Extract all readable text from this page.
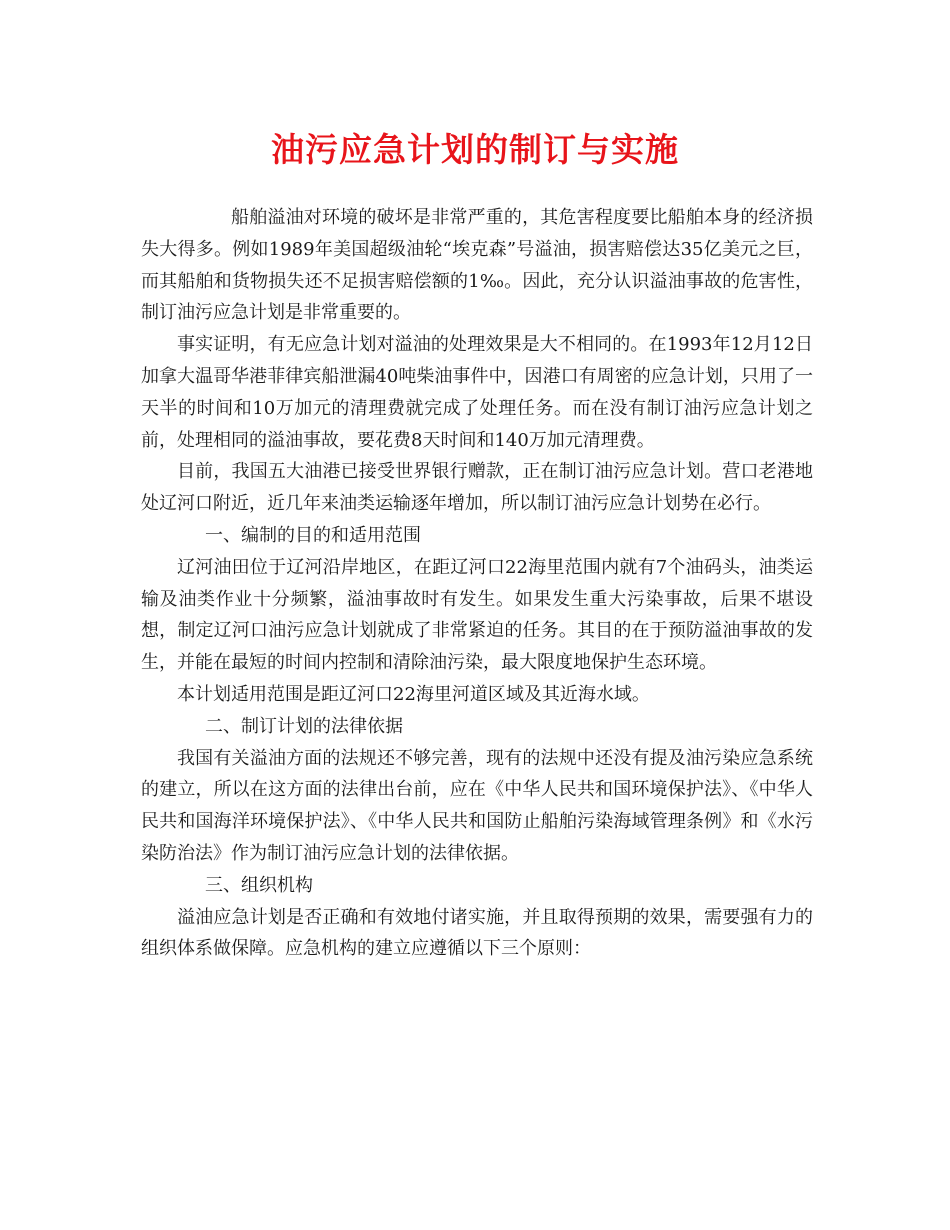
油污应急计划的制订与实施

船舶溢油对环境的破坏是非常严重的，其危害程度要比船舶本身的经济损失大得多。例如1989年美国超级油轮“埃克森”号溢油，损害赔偿达35亿美元之巨，而其船舶和货物损失还不足损害赔偿额的1‰。因此，充分认识溢油事故的危害性，制订油污应急计划是非常重要的。

事实证明，有无应急计划对溢油的处理效果是大不相同的。在1993年12月12日加拿大温哥华港菲律宾船泄漏40吨柴油事件中，因港口有周密的应急计划，只用了一天半的时间和10万加元的清理费就完成了处理任务。而在没有制订油污应急计划之前，处理相同的溢油事故，要花费8天时间和140万加元清理费。

目前，我国五大油港已接受世界银行赠款，正在制订油污应急计划。营口老港地处辽河口附近，近几年来油类运输逐年增加，所以制订油污应急计划势在必行。

一、编制的目的和适用范围

辽河油田位于辽河沿岸地区，在距辽河口22海里范围内就有7个油码头，油类运输及油类作业十分频繁，溢油事故时有发生。如果发生重大污染事故，后果不堪设想，制定辽河口油污应急计划就成了非常紧迫的任务。其目的在于预防溢油事故的发生，并能在最短的时间内控制和清除油污染，最大限度地保护生态环境。

本计划适用范围是距辽河口22海里河道区域及其近海水域。

二、制订计划的法律依据

我国有关溢油方面的法规还不够完善，现有的法规中还没有提及油污染应急系统的建立，所以在这方面的法律出台前，应在《中华人民共和国环境保护法》、《中华人民共和国海洋环境保护法》、《中华人民共和国防止船舶污染海域管理条例》和《水污染防治法》作为制订油污应急计划的法律依据。

三、组织机构

溢油应急计划是否正确和有效地付诸实施，并且取得预期的效果，需要强有力的组织体系做保障。应急机构的建立应遵循以下三个原则：
